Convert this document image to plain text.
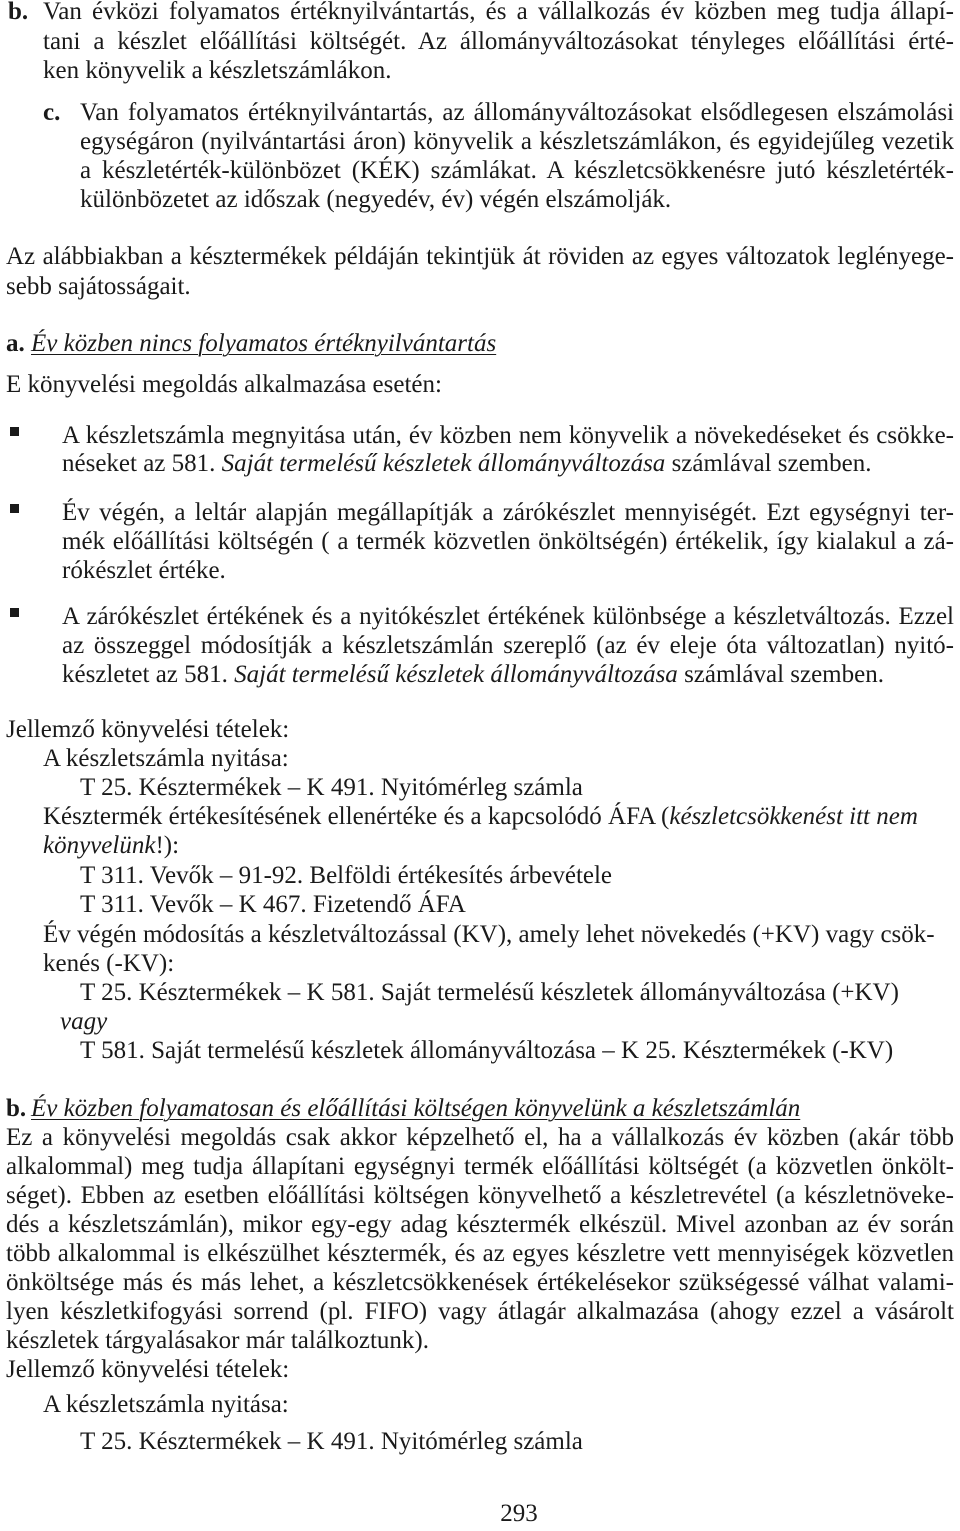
b. Van évközi folyamatos értéknyilvántartás, és a vállalkozás év közben meg tudja állapí-
tani a készlet előállítási költségét. Az állományváltozásokat tényleges előállítási érté-
ken könyvelik a készletszámlákon.
c. Van folyamatos értéknyilvántartás, az állományváltozásokat elsődlegesen elszámolási
egységáron (nyilvántartási áron) könyvelik a készletszámlákon, és egyidejűleg vezetik
a készletérték-különbözet (KÉK) számlákat. A készletcsökkenésre jutó készletérték-
különbözetet az időszak (negyedév, év) végén elszámolják.
Az alábbiakban a késztermékek példáján tekintjük át röviden az egyes változatok leglényege-
sebb sajátosságait.
a. Év közben nincs folyamatos értéknyilvántartás
E könyvelési megoldás alkalmazása esetén:
A készletszámla megnyitása után, év közben nem könyvelik a növekedéseket és csökke-
néseket az 581. Saját termelésű készletek állományváltozása számlával szemben.
Év végén, a leltár alapján megállapítják a zárókészlet mennyiségét. Ezt egységnyi ter-
mék előállítási költségén ( a termék közvetlen önköltségén) értékelik, így kialakul a zá-
rókészlet értéke.
A zárókészlet értékének és a nyitókészlet értékének különbsége a készletváltozás. Ezzel
az összeggel módosítják a készletszámlán szereplő (az év eleje óta változatlan) nyitó-
készletet az 581. Saját termelésű készletek állományváltozása számlával szemben.
Jellemző könyvelési tételek:
A készletszámla nyitása:
T 25. Késztermékek – K 491. Nyitómérleg számla
Késztermék értékesítésének ellenértéke és a kapcsolódó ÁFA (készletcsökkenést itt nem
könyvelünk!):
T 311. Vevők – 91-92. Belföldi értékesítés árbevétele
T 311. Vevők – K 467. Fizetendő ÁFA
Év végén módosítás a készletváltozással (KV), amely lehet növekedés (+KV) vagy csök-
kenés (-KV):
T 25. Késztermékek – K 581. Saját termelésű készletek állományváltozása (+KV)
vagy
T 581. Saját termelésű készletek állományváltozása – K 25. Késztermékek (-KV)
b. Év közben folyamatosan és előállítási költségen könyvelünk a készletszámlán
Ez a könyvelési megoldás csak akkor képzelhető el, ha a vállalkozás év közben (akár több
alkalommal) meg tudja állapítani egységnyi termék előállítási költségét (a közvetlen önkölt-
séget). Ebben az esetben előállítási költségen könyvelhető a készletrevétel (a készletnöveke-
dés a készletszámlán), mikor egy-egy adag késztermék elkészül. Mivel azonban az év során
több alkalommal is elkészülhet késztermék, és az egyes készletre vett mennyiségek közvetlen
önköltsége más és más lehet, a készletcsökkenések értékelésekor szükségessé válhat valami-
lyen készletkifogyási sorrend (pl. FIFO) vagy átlagár alkalmazása (ahogy ezzel a vásárolt
készletek tárgyalásakor már találkoztunk).
Jellemző könyvelési tételek:
A készletszámla nyitása:
T 25. Késztermékek – K 491. Nyitómérleg számla
293
